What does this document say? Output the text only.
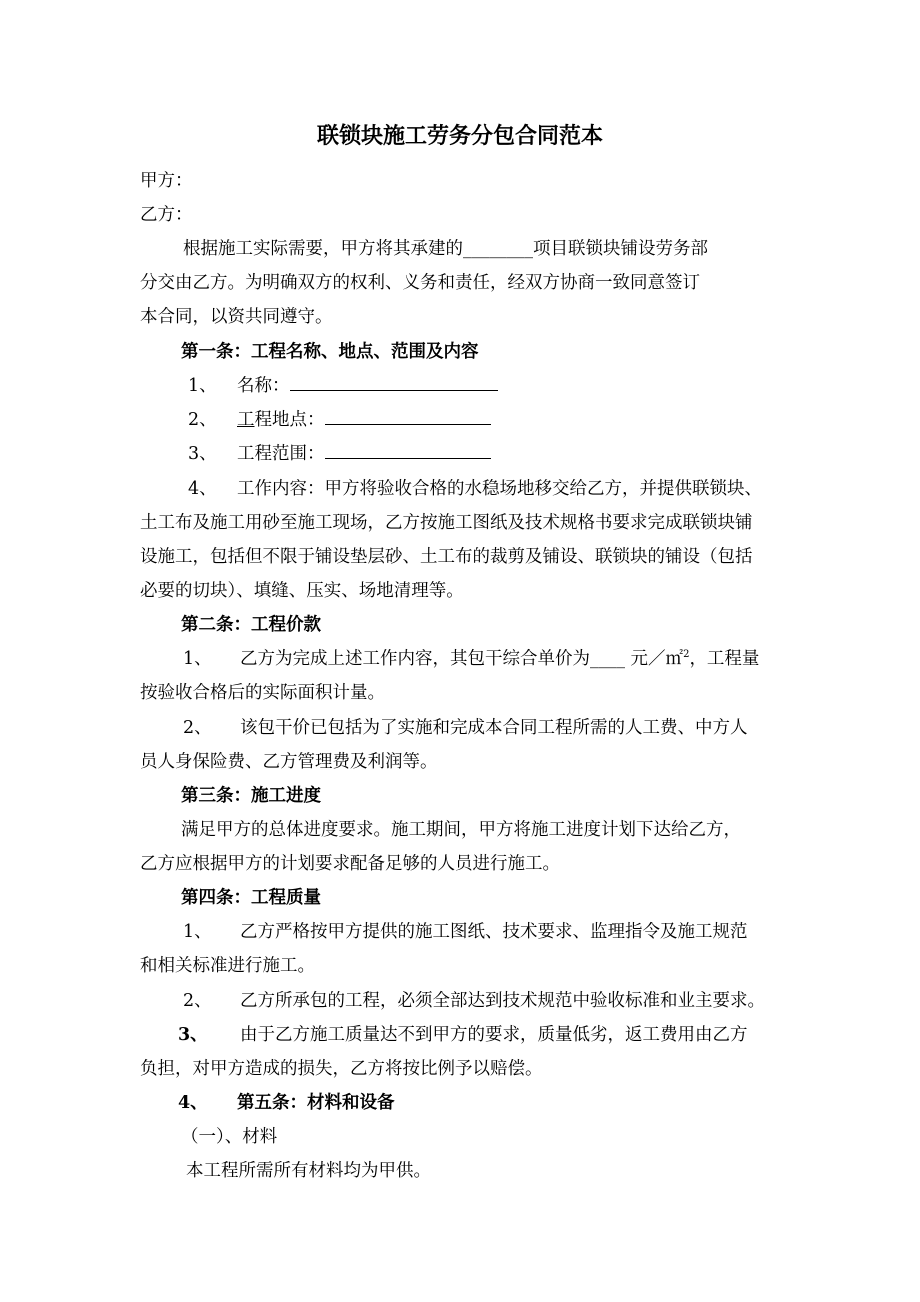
联锁块施工劳务分包合同范本
甲方：
乙方：
根据施工实际需要，甲方将其承建的________项目联锁块铺设劳务部
分交由乙方。为明确双方的权利、义务和责任，经双方协商一致同意签订
本合同，以资共同遵守。
第一条：工程名称、地点、范围及内容
1、 名称：
2、 工程地点：
3、 工程范围：
4、 工作内容：甲方将验收合格的水稳场地移交给乙方，并提供联锁块、
土工布及施工用砂至施工现场，乙方按施工图纸及技术规格书要求完成联锁块铺
设施工，包括但不限于铺设垫层砂、土工布的裁剪及铺设、联锁块的铺设（包括
必要的切块）、填缝、压实、场地清理等。
第二条：工程价款
1、 乙方为完成上述工作内容，其包干综合单价为____ 元／㎡$^2$，工程量
按验收合格后的实际面积计量。
2、 该包干价已包括为了实施和完成本合同工程所需的人工费、中方人
员人身保险费、乙方管理费及利润等。
第三条：施工进度
满足甲方的总体进度要求。施工期间，甲方将施工进度计划下达给乙方，
乙方应根据甲方的计划要求配备足够的人员进行施工。
第四条：工程质量
1、 乙方严格按甲方提供的施工图纸、技术要求、监理指令及施工规范
和相关标准进行施工。
2、 乙方所承包的工程，必须全部达到技术规范中验收标准和业主要求。
3、 由于乙方施工质量达不到甲方的要求，质量低劣，返工费用由乙方
负担，对甲方造成的损失，乙方将按比例予以赔偿。
4、 第五条：材料和设备
（一）、材料
本工程所需所有材料均为甲供。
